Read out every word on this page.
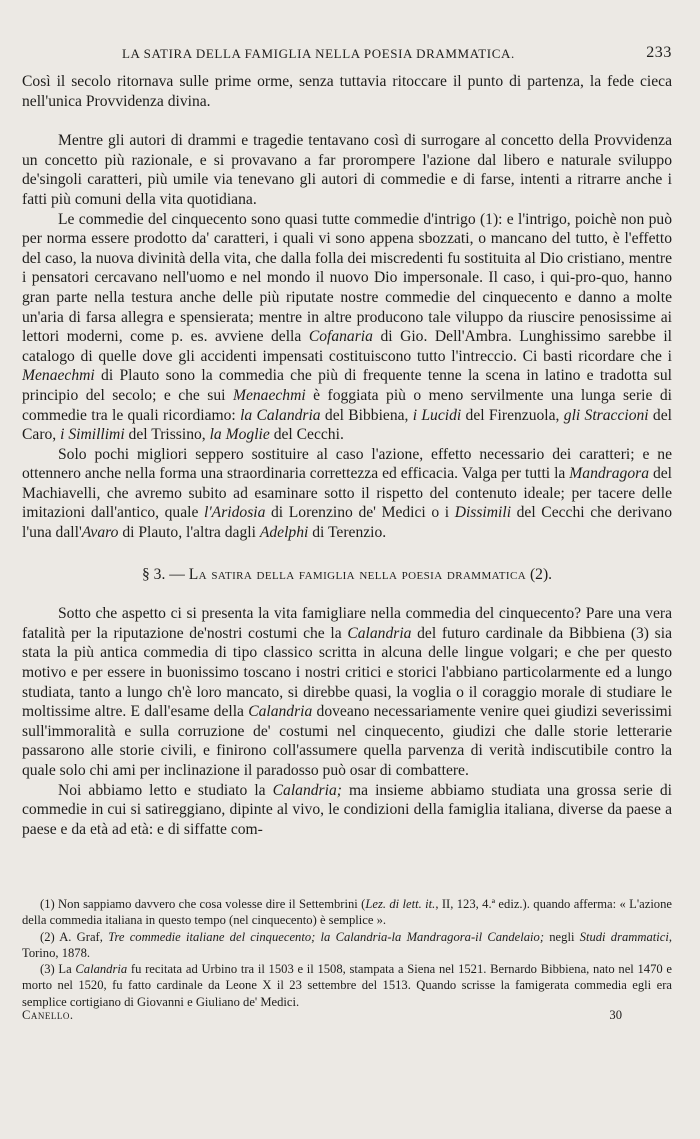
LA SATIRA DELLA FAMIGLIA NELLA POESIA DRAMMATICA.	233

Così il secolo ritornava sulle prime orme, senza tuttavia ritoccare il punto di partenza, la fede cieca nell'unica Provvidenza divina.

Mentre gli autori di drammi e tragedie tentavano così di surrogare al concetto della Provvidenza un concetto più razionale, e si provavano a far prorompere l'azione dal libero e naturale sviluppo de'singoli caratteri, più umile via tenevano gli autori di commedie e di farse, intenti a ritrarre anche i fatti più comuni della vita quotidiana.

Le commedie del cinquecento sono quasi tutte commedie d'intrigo (1): e l'intrigo, poichè non può per norma essere prodotto da' caratteri, i quali vi sono appena sbozzati, o mancano del tutto, è l'effetto del caso, la nuova divinità della vita, che dalla folla dei miscredenti fu sostituita al Dio cristiano, mentre i pensatori cercavano nell'uomo e nel mondo il nuovo Dio impersonale. Il caso, i qui-pro-quo, hanno gran parte nella testura anche delle più riputate nostre commedie del cinquecento e danno a molte un'aria di farsa allegra e spensierata; mentre in altre producono tale viluppo da riuscire penosissime ai lettori moderni, come p. es. avviene della Cofanaria di Gio. Dell'Ambra. Lunghissimo sarebbe il catalogo di quelle dove gli accidenti impensati costituiscono tutto l'intreccio. Ci basti ricordare che i Menaechmi di Plauto sono la commedia che più di frequente tenne la scena in latino e tradotta sul principio del secolo; e che sui Menaechmi è foggiata più o meno servilmente una lunga serie di commedie tra le quali ricordiamo: la Calandria del Bibbiena, i Lucidi del Firenzuola, gli Straccioni del Caro, i Simillimi del Trissino, la Moglie del Cecchi.

Solo pochi migliori seppero sostituire al caso l'azione, effetto necessario dei caratteri; e ne ottennero anche nella forma una straordinaria correttezza ed efficacia. Valga per tutti la Mandragora del Machiavelli, che avremo subito ad esaminare sotto il rispetto del contenuto ideale; per tacere delle imitazioni dall'antico, quale l'Aridosia di Lorenzino de' Medici o i Dissimili del Cecchi che derivano l'una dall'Avaro di Plauto, l'altra dagli Adelphi di Terenzio.

§ 3. — La satira della famiglia nella poesia drammatica (2).

Sotto che aspetto ci si presenta la vita famigliare nella commedia del cinquecento? Pare una vera fatalità per la riputazione de'nostri costumi che la Calandria del futuro cardinale da Bibbiena (3) sia stata la più antica commedia di tipo classico scritta in alcuna delle lingue volgari; e che per questo motivo e per essere in buonissimo toscano i nostri critici e storici l'abbiano particolarmente ed a lungo studiata, tanto a lungo ch'è loro mancato, si direbbe quasi, la voglia o il coraggio morale di studiare le moltissime altre. E dall'esame della Calandria doveano necessariamente venire quei giudizi severissimi sull'immoralità e sulla corruzione de' costumi nel cinquecento, giudizi che dalle storie letterarie passarono alle storie civili, e finirono coll'assumere quella parvenza di verità indiscutibile contro la quale solo chi ami per inclinazione il paradosso può osar di combattere.

Noi abbiamo letto e studiato la Calandria; ma insieme abbiamo studiata una grossa serie di commedie in cui si satireggiano, dipinte al vivo, le condizioni della famiglia italiana, diverse da paese a paese e da età ad età: e di siffatte com-

(1) Non sappiamo davvero che cosa volesse dire il Settembrini (Lez. di lett. it., II, 123, 4.ª ediz.). quando afferma: « L'azione della commedia italiana in questo tempo (nel cinquecento) è semplice ».

(2) A. Graf, Tre commedie italiane del cinquecento; la Calandria-la Mandragora-il Candelaio; negli Studi drammatici, Torino, 1878.

(3) La Calandria fu recitata ad Urbino tra il 1503 e il 1508, stampata a Siena nel 1521. Bernardo Bibbiena, nato nel 1470 e morto nel 1520, fu fatto cardinale da Leone X il 23 settembre del 1513. Quando scrisse la famigerata commedia egli era semplice cortigiano di Giovanni e Giuliano de' Medici.

Canello.	30
